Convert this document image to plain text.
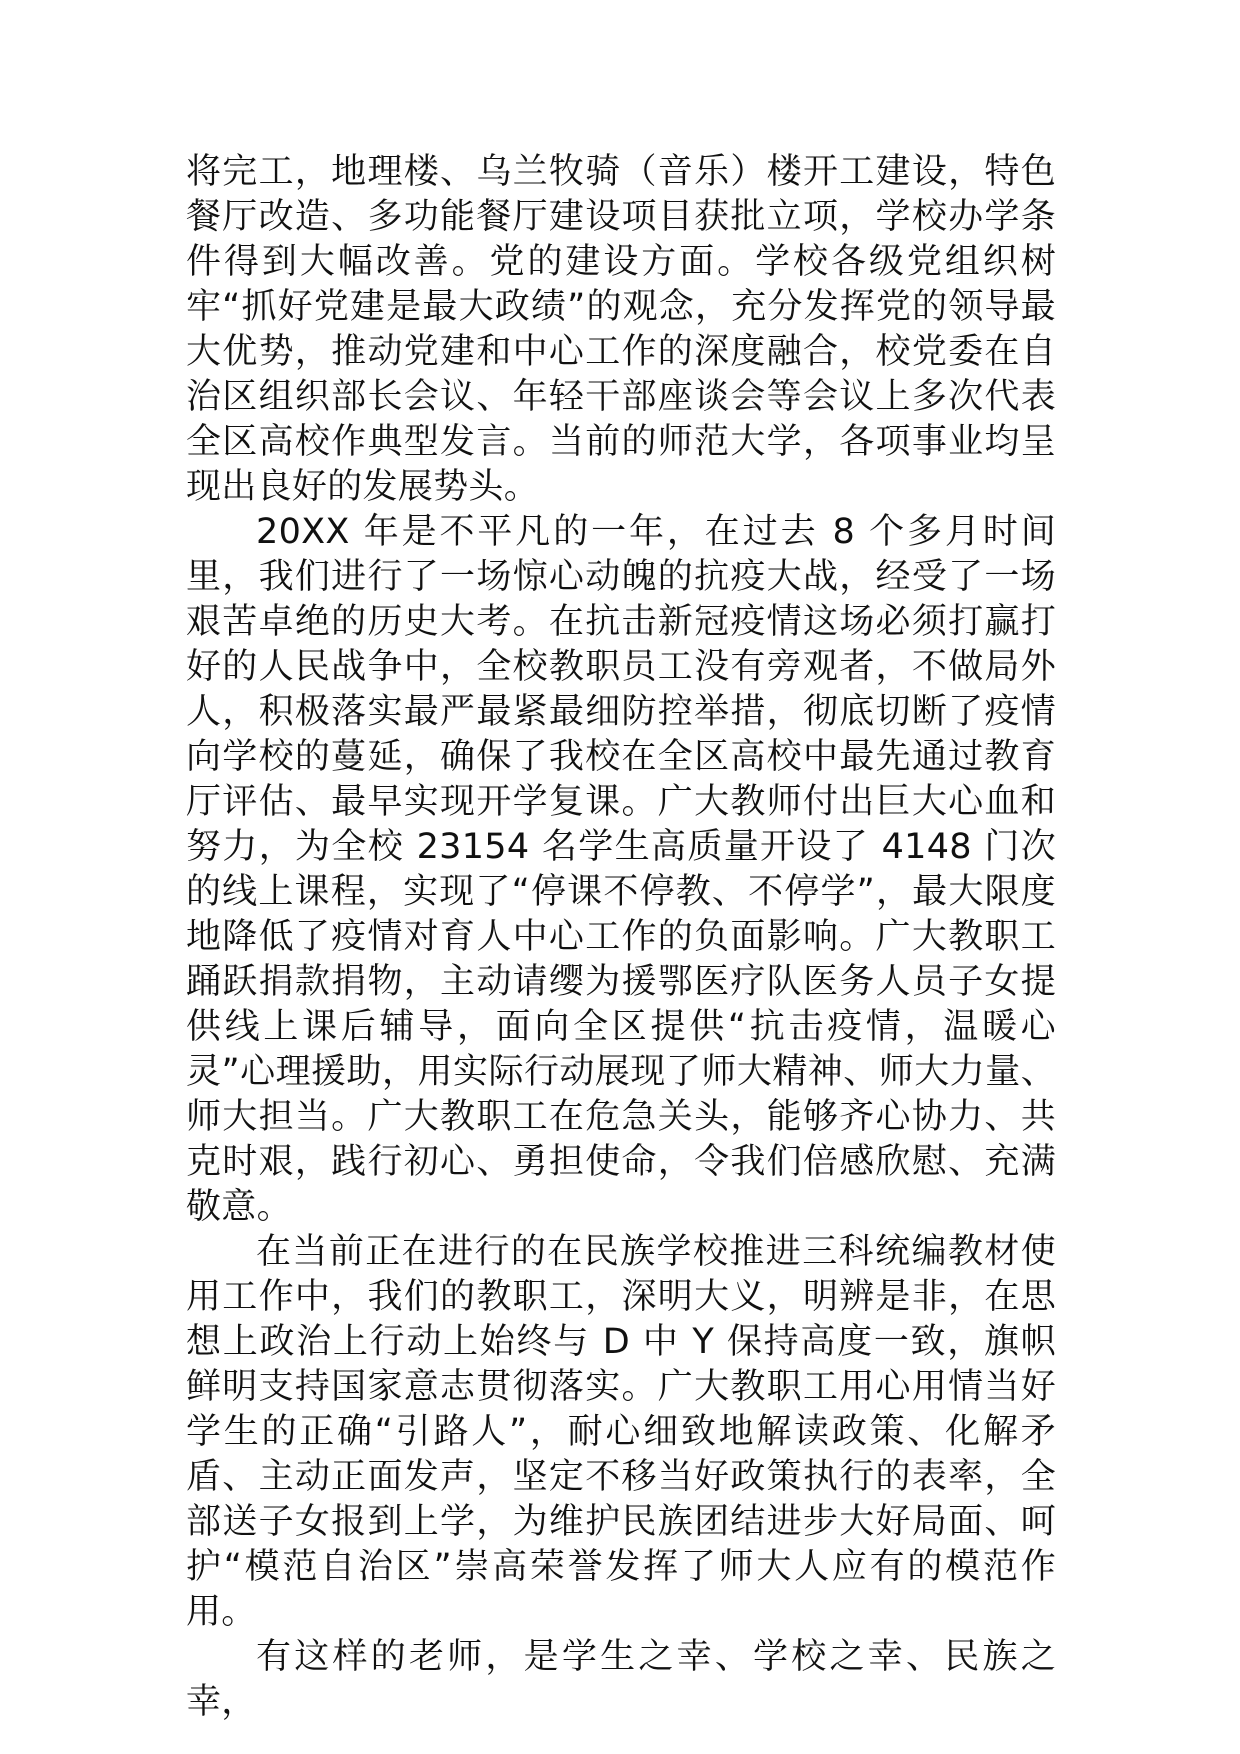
将完工，地理楼、乌兰牧骑（音乐）楼开工建设，特色餐厅改造、多功能餐厅建设项目获批立项，学校办学条件得到大幅改善。党的建设方面。学校各级党组织树牢“抓好党建是最大政绩”的观念，充分发挥党的领导最大优势，推动党建和中心工作的深度融合，校党委在自治区组织部长会议、年轻干部座谈会等会议上多次代表全区高校作典型发言。当前的师范大学，各项事业均呈现出良好的发展势头。

20XX 年是不平凡的一年，在过去 8 个多月时间里，我们进行了一场惊心动魄的抗疫大战，经受了一场艰苦卓绝的历史大考。在抗击新冠疫情这场必须打赢打好的人民战争中，全校教职员工没有旁观者，不做局外人，积极落实最严最紧最细防控举措，彻底切断了疫情向学校的蔓延，确保了我校在全区高校中最先通过教育厅评估、最早实现开学复课。广大教师付出巨大心血和努力，为全校 23154 名学生高质量开设了 4148 门次的线上课程，实现了“停课不停教、不停学”，最大限度地降低了疫情对育人中心工作的负面影响。广大教职工踊跃捐款捐物，主动请缨为援鄂医疗队医务人员子女提供线上课后辅导，面向全区提供“抗击疫情，温暖心灵”心理援助，用实际行动展现了师大精神、师大力量、师大担当。广大教职工在危急关头，能够齐心协力、共克时艰，践行初心、勇担使命，令我们倍感欣慰、充满敬意。

在当前正在进行的在民族学校推进三科统编教材使用工作中，我们的教职工，深明大义，明辨是非，在思想上政治上行动上始终与 D 中 Y 保持高度一致，旗帜鲜明支持国家意志贯彻落实。广大教职工用心用情当好学生的正确“引路人”，耐心细致地解读政策、化解矛盾、主动正面发声，坚定不移当好政策执行的表率，全部送子女报到上学，为维护民族团结进步大好局面、呵护“模范自治区”崇高荣誉发挥了师大人应有的模范作用。

有这样的老师，是学生之幸、学校之幸、民族之幸，
